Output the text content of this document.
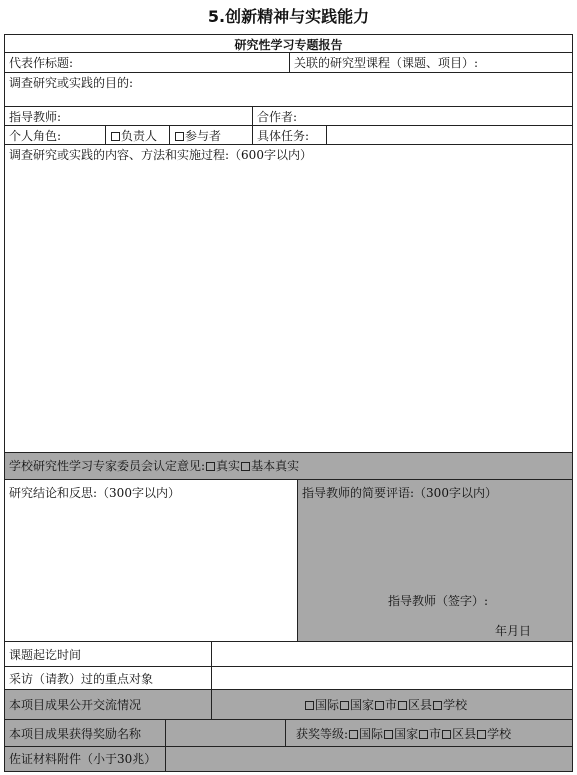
5.创新精神与实践能力
研究性学习专题报告
代表作标题:	关联的研究型课程（课题、项目）:
调查研究或实践的目的:
指导教师:	合作者:
个人角色:	负责人	参与者	具体任务:
调查研究或实践的内容、方法和实施过程:（600字以内）
学校研究性学习专家委员会认定意见: 真实 基本真实
研究结论和反思:（300字以内）	指导教师的简要评语:（300字以内）
指导教师（签字）:
年月日
课题起讫时间
采访（请教）过的重点对象
本项目成果公开交流情况	国际 国家 市 区县 学校
本项目成果获得奖励名称	获奖等级: 国际 国家 市 区县 学校
佐证材料附件（小于30兆）
